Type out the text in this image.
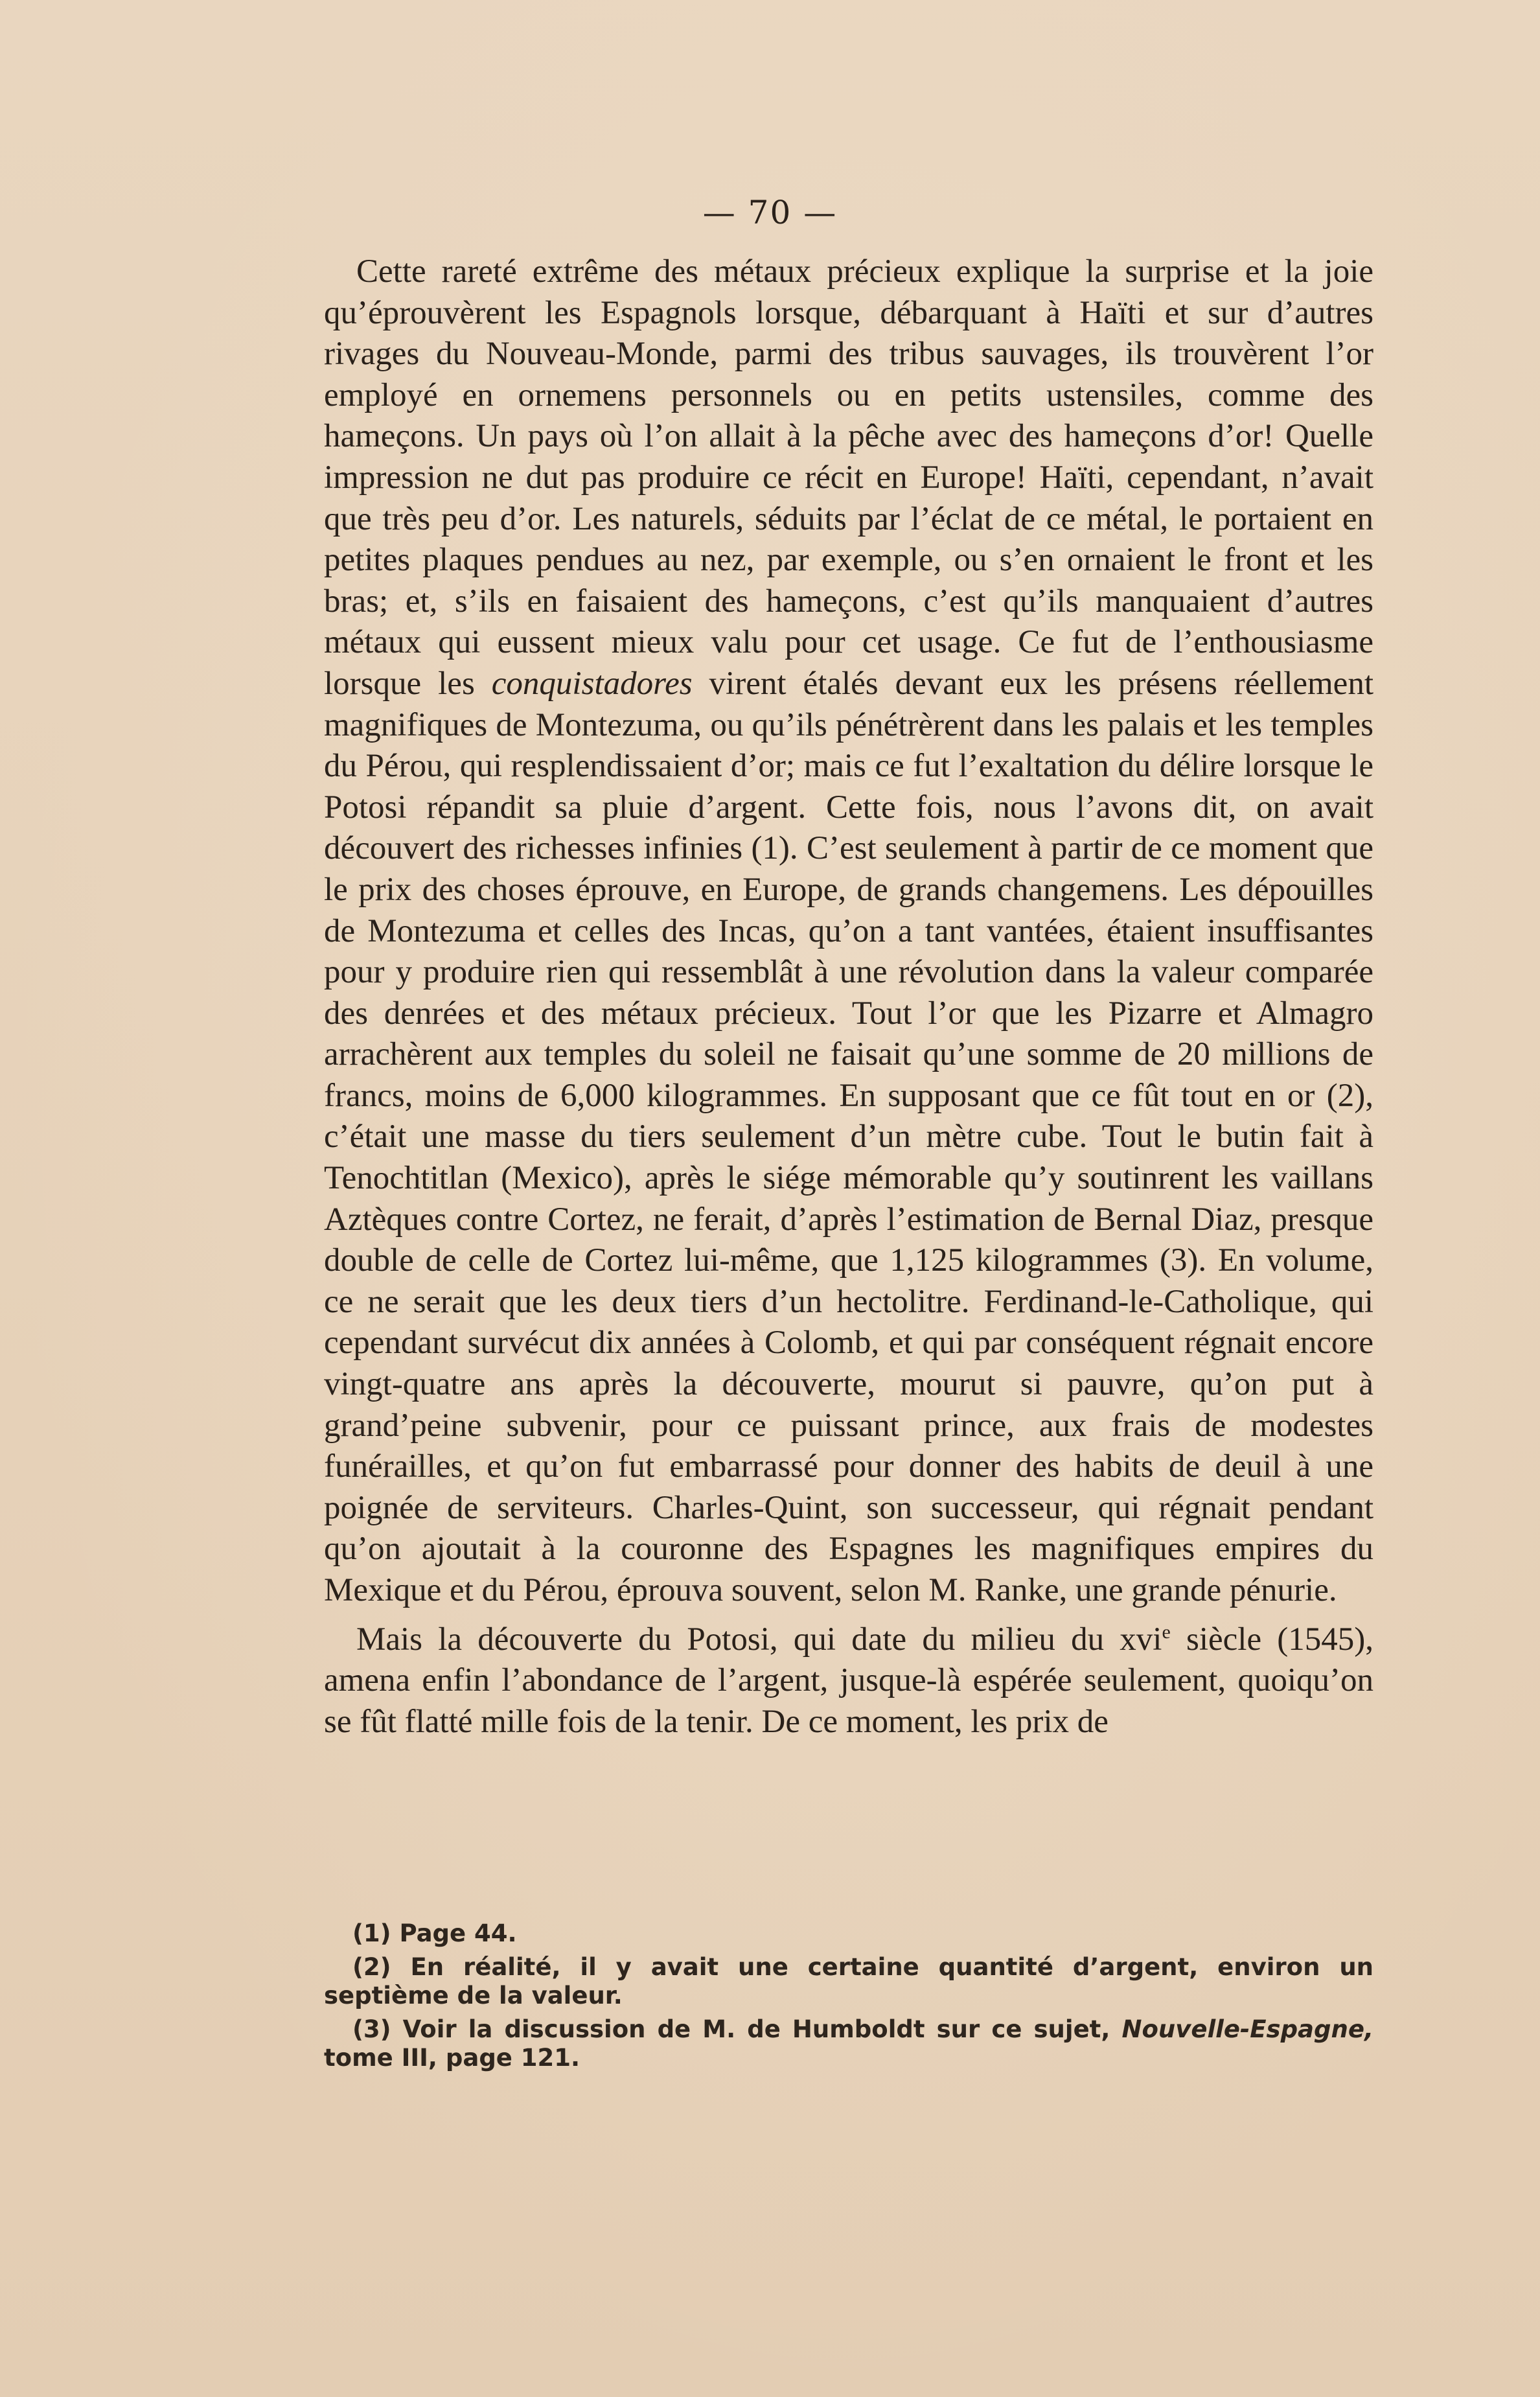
— 70 —

Cette rareté extrême des métaux précieux explique la surprise et la joie qu’éprouvèrent les Espagnols lorsque, débarquant à Haïti et sur d’autres rivages du Nouveau-Monde, parmi des tribus sauvages, ils trouvèrent l’or employé en ornemens personnels ou en petits ustensiles, comme des hameçons. Un pays où l’on allait à la pêche avec des hameçons d’or! Quelle impression ne dut pas produire ce récit en Europe! Haïti, cependant, n’avait que très peu d’or. Les naturels, séduits par l’éclat de ce métal, le portaient en petites plaques pendues au nez, par exemple, ou s’en ornaient le front et les bras; et, s’ils en faisaient des hameçons, c’est qu’ils manquaient d’autres métaux qui eussent mieux valu pour cet usage. Ce fut de l’enthousiasme lorsque les conquistadores virent étalés devant eux les présens réellement magnifiques de Montezuma, ou qu’ils pénétrèrent dans les palais et les temples du Pérou, qui resplendissaient d’or; mais ce fut l’exaltation du délire lorsque le Potosi répandit sa pluie d’argent. Cette fois, nous l’avons dit, on avait découvert des richesses infinies (1). C’est seulement à partir de ce moment que le prix des choses éprouve, en Europe, de grands changemens. Les dépouilles de Montezuma et celles des Incas, qu’on a tant vantées, étaient insuffisantes pour y produire rien qui ressemblât à une révolution dans la valeur comparée des denrées et des métaux précieux. Tout l’or que les Pizarre et Almagro arrachèrent aux temples du soleil ne faisait qu’une somme de 20 millions de francs, moins de 6,000 kilogrammes. En supposant que ce fût tout en or (2), c’était une masse du tiers seulement d’un mètre cube. Tout le butin fait à Tenochtitlan (Mexico), après le siége mémorable qu’y soutinrent les vaillans Aztèques contre Cortez, ne ferait, d’après l’estimation de Bernal Diaz, presque double de celle de Cortez lui-même, que 1,125 kilogrammes (3). En volume, ce ne serait que les deux tiers d’un hectolitre. Ferdinand-le-Catholique, qui cependant survécut dix années à Colomb, et qui par conséquent régnait encore vingt-quatre ans après la découverte, mourut si pauvre, qu’on put à grand’peine subvenir, pour ce puissant prince, aux frais de modestes funérailles, et qu’on fut embarrassé pour donner des habits de deuil à une poignée de serviteurs. Charles-Quint, son successeur, qui régnait pendant qu’on ajoutait à la couronne des Espagnes les magnifiques empires du Mexique et du Pérou, éprouva souvent, selon M. Ranke, une grande pénurie.

Mais la découverte du Potosi, qui date du milieu du xvi$^e$ siècle (1545), amena enfin l’abondance de l’argent, jusque-là espérée seulement, quoiqu’on se fût flatté mille fois de la tenir. De ce moment, les prix de

(1) Page 44.

(2) En réalité, il y avait une certaine quantité d’argent, environ un septième de la valeur.

(3) Voir la discussion de M. de Humboldt sur ce sujet, Nouvelle-Espagne, tome III, page 121.
